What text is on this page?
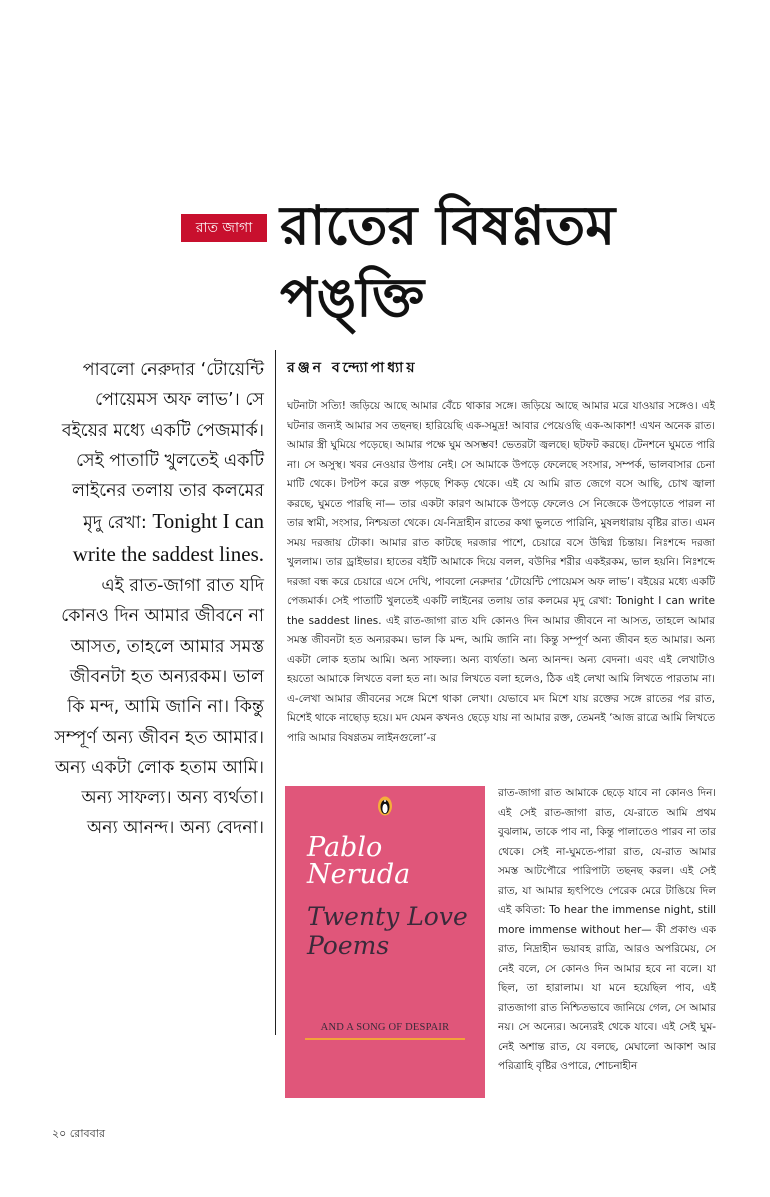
রাত জাগা রাতের বিষণ্ণতম
পঙ্‌ক্তি
পাবলো নেরুদার ‘টোয়েন্টি পোয়েমস অফ লাভ’। সে বইয়ের মধ্যে একটি পেজমার্ক। সেই পাতাটি খুলতেই একটি লাইনের তলায় তার কলমের মৃদু রেখা: Tonight I can write the saddest lines. এই রাত-জাগা রাত যদি কোনও দিন আমার জীবনে না আসত, তাহলে আমার সমস্ত জীবনটা হত অন্যরকম। ভাল কি মন্দ, আমি জানি না। কিন্তু সম্পূর্ণ অন্য জীবন হত আমার। অন্য একটা লোক হতাম আমি। অন্য সাফল্য। অন্য ব্যর্থতা। অন্য আনন্দ। অন্য বেদনা।
রঞ্জন বন্দ্যোপাধ্যায়
ঘটনাটা সত্যি! জড়িয়ে আছে আমার বেঁচে থাকার সঙ্গে। জড়িয়ে আছে আমার মরে যাওয়ার সঙ্গেও। এই ঘটনার জন্যই আমার সব তছনছ। হারিয়েছি এক-সমুদ্র! আবার পেয়েওছি এক-আকাশ! এখন অনেক রাত। আমার স্ত্রী ঘুমিয়ে পড়েছে। আমার পক্ষে ঘুম অসম্ভব! ভেতরটা জ্বলছে। ছটফট করছে। টেনশনে ঘুমতে পারি না। সে অসুস্থ। খবর নেওয়ার উপায় নেই। সে আমাকে উপড়ে ফেলেছে সংসার, সম্পর্ক, ভালবাসার চেনা মাটি থেকে। টপটপ করে রক্ত পড়ছে শিকড় থেকে। এই যে আমি রাত জেগে বসে আছি, চোখ জ্বালা করছে, ঘুমতে পারছি না— তার একটা কারণ আমাকে উপড়ে ফেলেও সে নিজেকে উপড়োতে পারল না তার স্বামী, সংসার, নিশ্চয়তা থেকে। যে-নিদ্রাহীন রাতের কথা ভুলতে পারিনি, মুষলধারায় বৃষ্টির রাত। এমন সময় দরজায় টোকা। আমার রাত কাটছে দরজার পাশে, চেয়ারে বসে উদ্বিগ্ন চিন্তায়। নিঃশব্দে দরজা খুললাম। তার ড্রাইভার। হাতের বইটি আমাকে দিয়ে বলল, বউদির শরীর একইরকম, ভাল হয়নি। নিঃশব্দে দরজা বন্ধ করে চেয়ারে এসে দেখি, পাবলো নেরুদার ‘টোয়েন্টি পোয়েমস অফ লাভ’। বইয়ের মধ্যে একটি পেজমার্ক। সেই পাতাটি খুলতেই একটি লাইনের তলায় তার কলমের মৃদু রেখা: Tonight I can write the saddest lines. এই রাত-জাগা রাত যদি কোনও দিন আমার জীবনে না আসত, তাহলে আমার সমস্ত জীবনটা হত অন্যরকম। ভাল কি মন্দ, আমি জানি না। কিন্তু সম্পূর্ণ অন্য জীবন হত আমার। অন্য একটা লোক হতাম আমি। অন্য সাফল্য। অন্য ব্যর্থতা। অন্য আনন্দ। অন্য বেদনা। এবং এই লেখাটাও হয়তো আমাকে লিখতে বলা হত না। আর লিখতে বলা হলেও, ঠিক এই লেখা আমি লিখতে পারতাম না। এ-লেখা আমার জীবনের সঙ্গে মিশে থাকা লেখা। যেভাবে মদ মিশে যায় রক্তের সঙ্গে রাতের পর রাত, মিশেই থাকে নাছোড় হয়ে। মদ যেমন কখনও ছেড়ে যায় না আমার রক্ত, তেমনই ‘আজ রাত্রে আমি লিখতে পারি আমার বিষণ্ণতম লাইনগুলো’-র
Pablo
Neruda
Twenty Love
Poems
AND A SONG OF DESPAIR
রাত-জাগা রাত আমাকে ছেড়ে যাবে না কোনও দিন। এই সেই রাত-জাগা রাত, যে-রাতে আমি প্রথম বুঝলাম, তাকে পাব না, কিন্তু পালাতেও পারব না তার থেকে। সেই না-ঘুমতে-পারা রাত, যে-রাত আমার সমস্ত আটপৌরে পারিপাট্য তছনছ করল। এই সেই রাত, যা আমার হৃৎপিণ্ডে পেরেক মেরে টাঙিয়ে দিল এই কবিতা: To hear the immense night, still more immense without her— কী প্রকাণ্ড এক রাত, নিদ্রাহীন ভয়াবহ রাত্রি, আরও অপরিমেয়, সে নেই বলে, সে কোনও দিন আমার হবে না বলে। যা ছিল, তা হারালাম। যা মনে হয়েছিল পাব, এই রাতজাগা রাত নিশ্চিতভাবে জানিয়ে গেল, সে আমার নয়। সে অন্যের। অন্যেরই থেকে যাবে। এই সেই ঘুম-নেই অশান্ত রাত, যে বলছে, মেঘালো আকাশ আর পরিত্রাহি বৃষ্টির ওপারে, শোচনাহীন
২০ রোববার
